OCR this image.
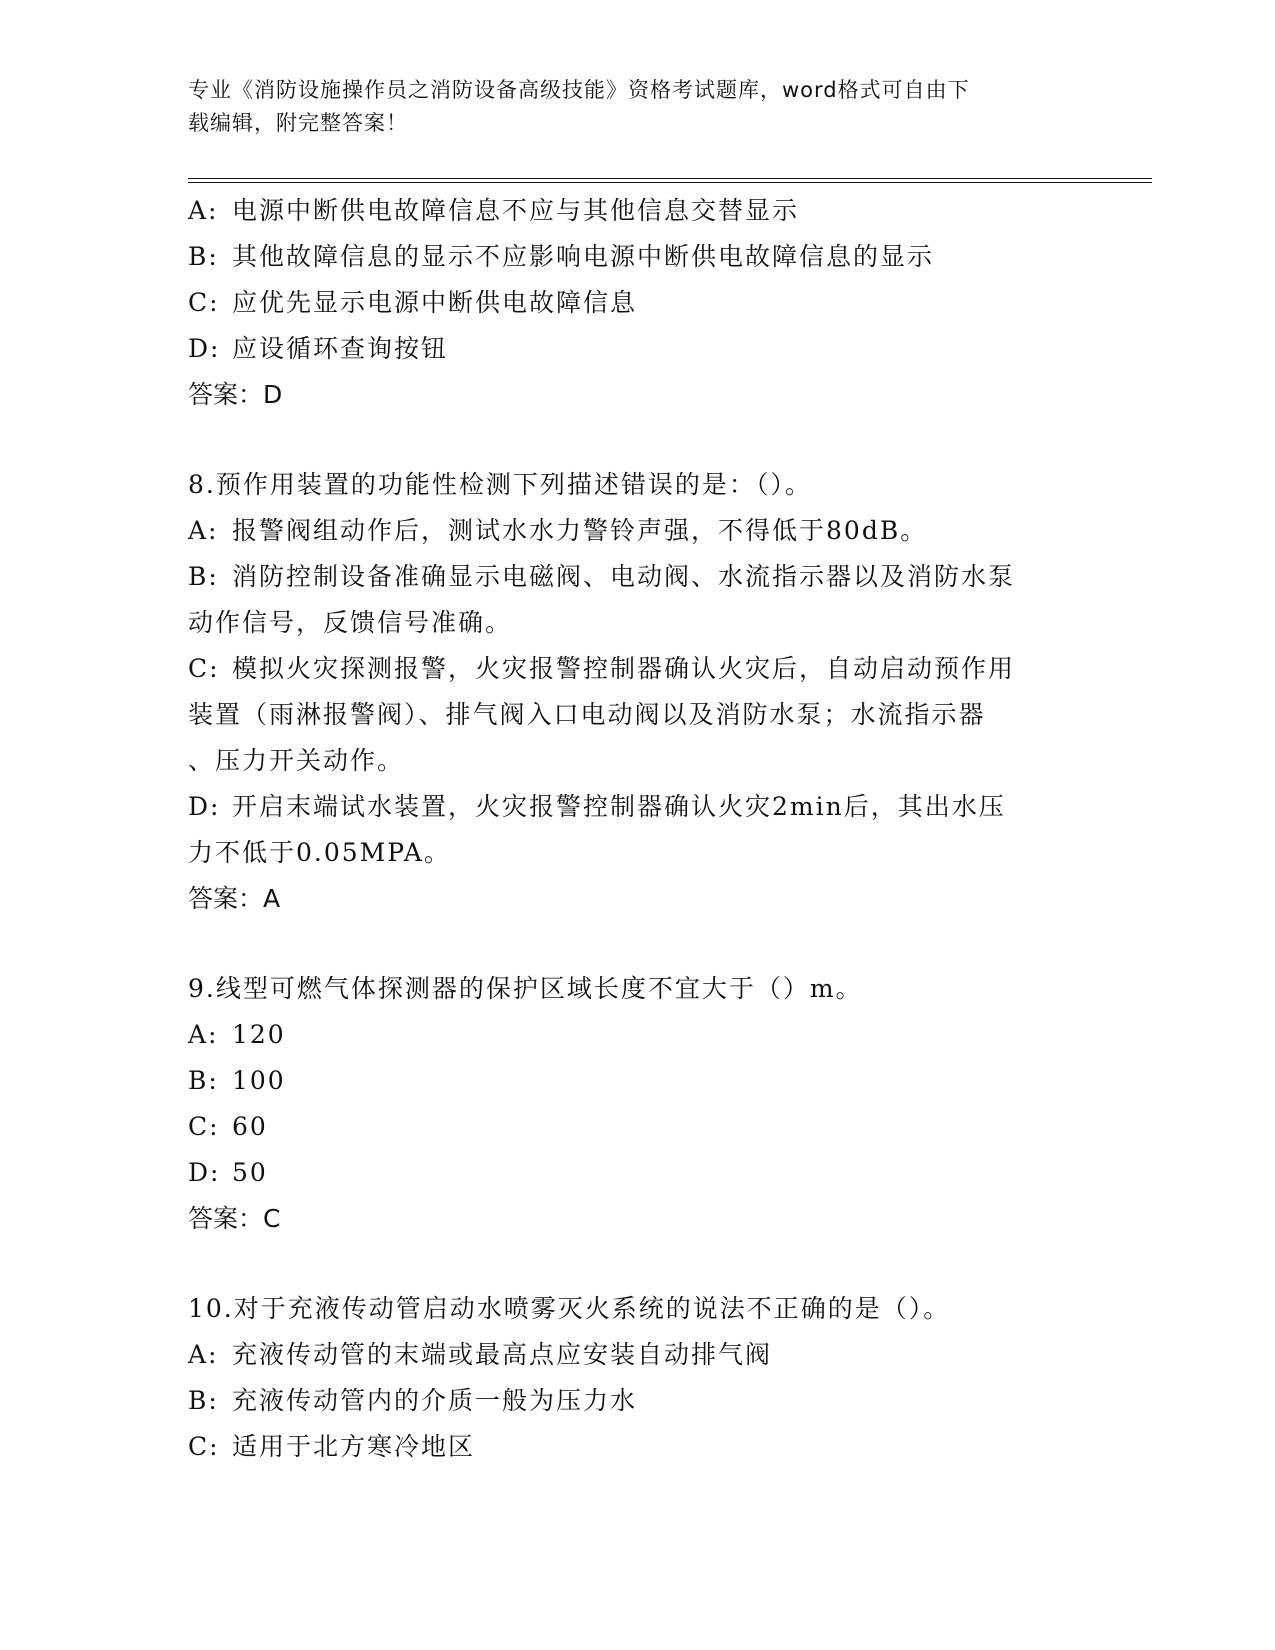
专业《消防设施操作员之消防设备高级技能》资格考试题库，word格式可自由下
载编辑，附完整答案！

A: 电源中断供电故障信息不应与其他信息交替显示

B: 其他故障信息的显示不应影响电源中断供电故障信息的显示

C: 应优先显示电源中断供电故障信息

D: 应设循环查询按钮

答案：D

8.预作用装置的功能性检测下列描述错误的是：（）。

A: 报警阀组动作后，测试水水力警铃声强，不得低于80dB。

B: 消防控制设备准确显示电磁阀、电动阀、水流指示器以及消防水泵

动作信号，反馈信号准确。

C: 模拟火灾探测报警，火灾报警控制器确认火灾后，自动启动预作用

装置（雨淋报警阀）、排气阀入口电动阀以及消防水泵；水流指示器

、压力开关动作。

D: 开启末端试水装置，火灾报警控制器确认火灾2min后，其出水压

力不低于0.05MPA。

答案：A

9.线型可燃气体探测器的保护区域长度不宜大于（）m。

A: 120

B: 100

C: 60

D: 50

答案：C

10.对于充液传动管启动水喷雾灭火系统的说法不正确的是（）。

A: 充液传动管的末端或最高点应安装自动排气阀

B: 充液传动管内的介质一般为压力水

C: 适用于北方寒冷地区
